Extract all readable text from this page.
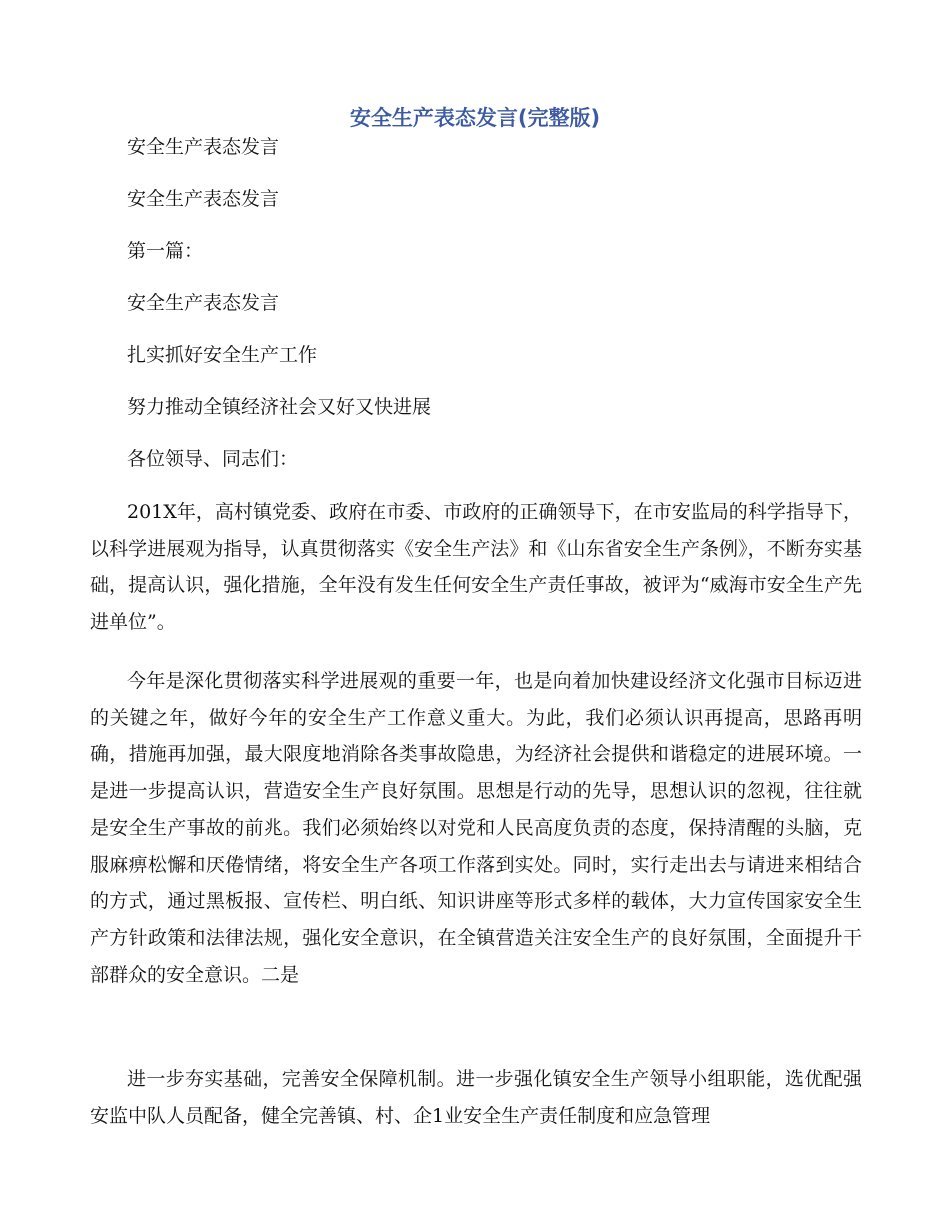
安全生产表态发言(完整版)

安全生产表态发言

安全生产表态发言

第一篇：

安全生产表态发言

扎实抓好安全生产工作

努力推动全镇经济社会又好又快进展

各位领导、同志们：

201X年，高村镇党委、政府在市委、市政府的正确领导下，在市安监局的科学指导下，以科学进展观为指导，认真贯彻落实《安全生产法》和《山东省安全生产条例》，不断夯实基础，提高认识，强化措施，全年没有发生任何安全生产责任事故，被评为“威海市安全生产先进单位”。

今年是深化贯彻落实科学进展观的重要一年，也是向着加快建设经济文化强市目标迈进的关键之年，做好今年的安全生产工作意义重大。为此，我们必须认识再提高，思路再明确，措施再加强，最大限度地消除各类事故隐患，为经济社会提供和谐稳定的进展环境。一是进一步提高认识，营造安全生产良好氛围。思想是行动的先导，思想认识的忽视，往往就是安全生产事故的前兆。我们必须始终以对党和人民高度负责的态度，保持清醒的头脑，克服麻痹松懈和厌倦情绪，将安全生产各项工作落到实处。同时，实行走出去与请进来相结合的方式，通过黑板报、宣传栏、明白纸、知识讲座等形式多样的载体，大力宣传国家安全生产方针政策和法律法规，强化安全意识，在全镇营造关注安全生产的良好氛围，全面提升干部群众的安全意识。二是

进一步夯实基础，完善安全保障机制。进一步强化镇安全生产领导小组职能，选优配强安监中队人员配备，健全完善镇、村、企1业安全生产责任制度和应急管理
